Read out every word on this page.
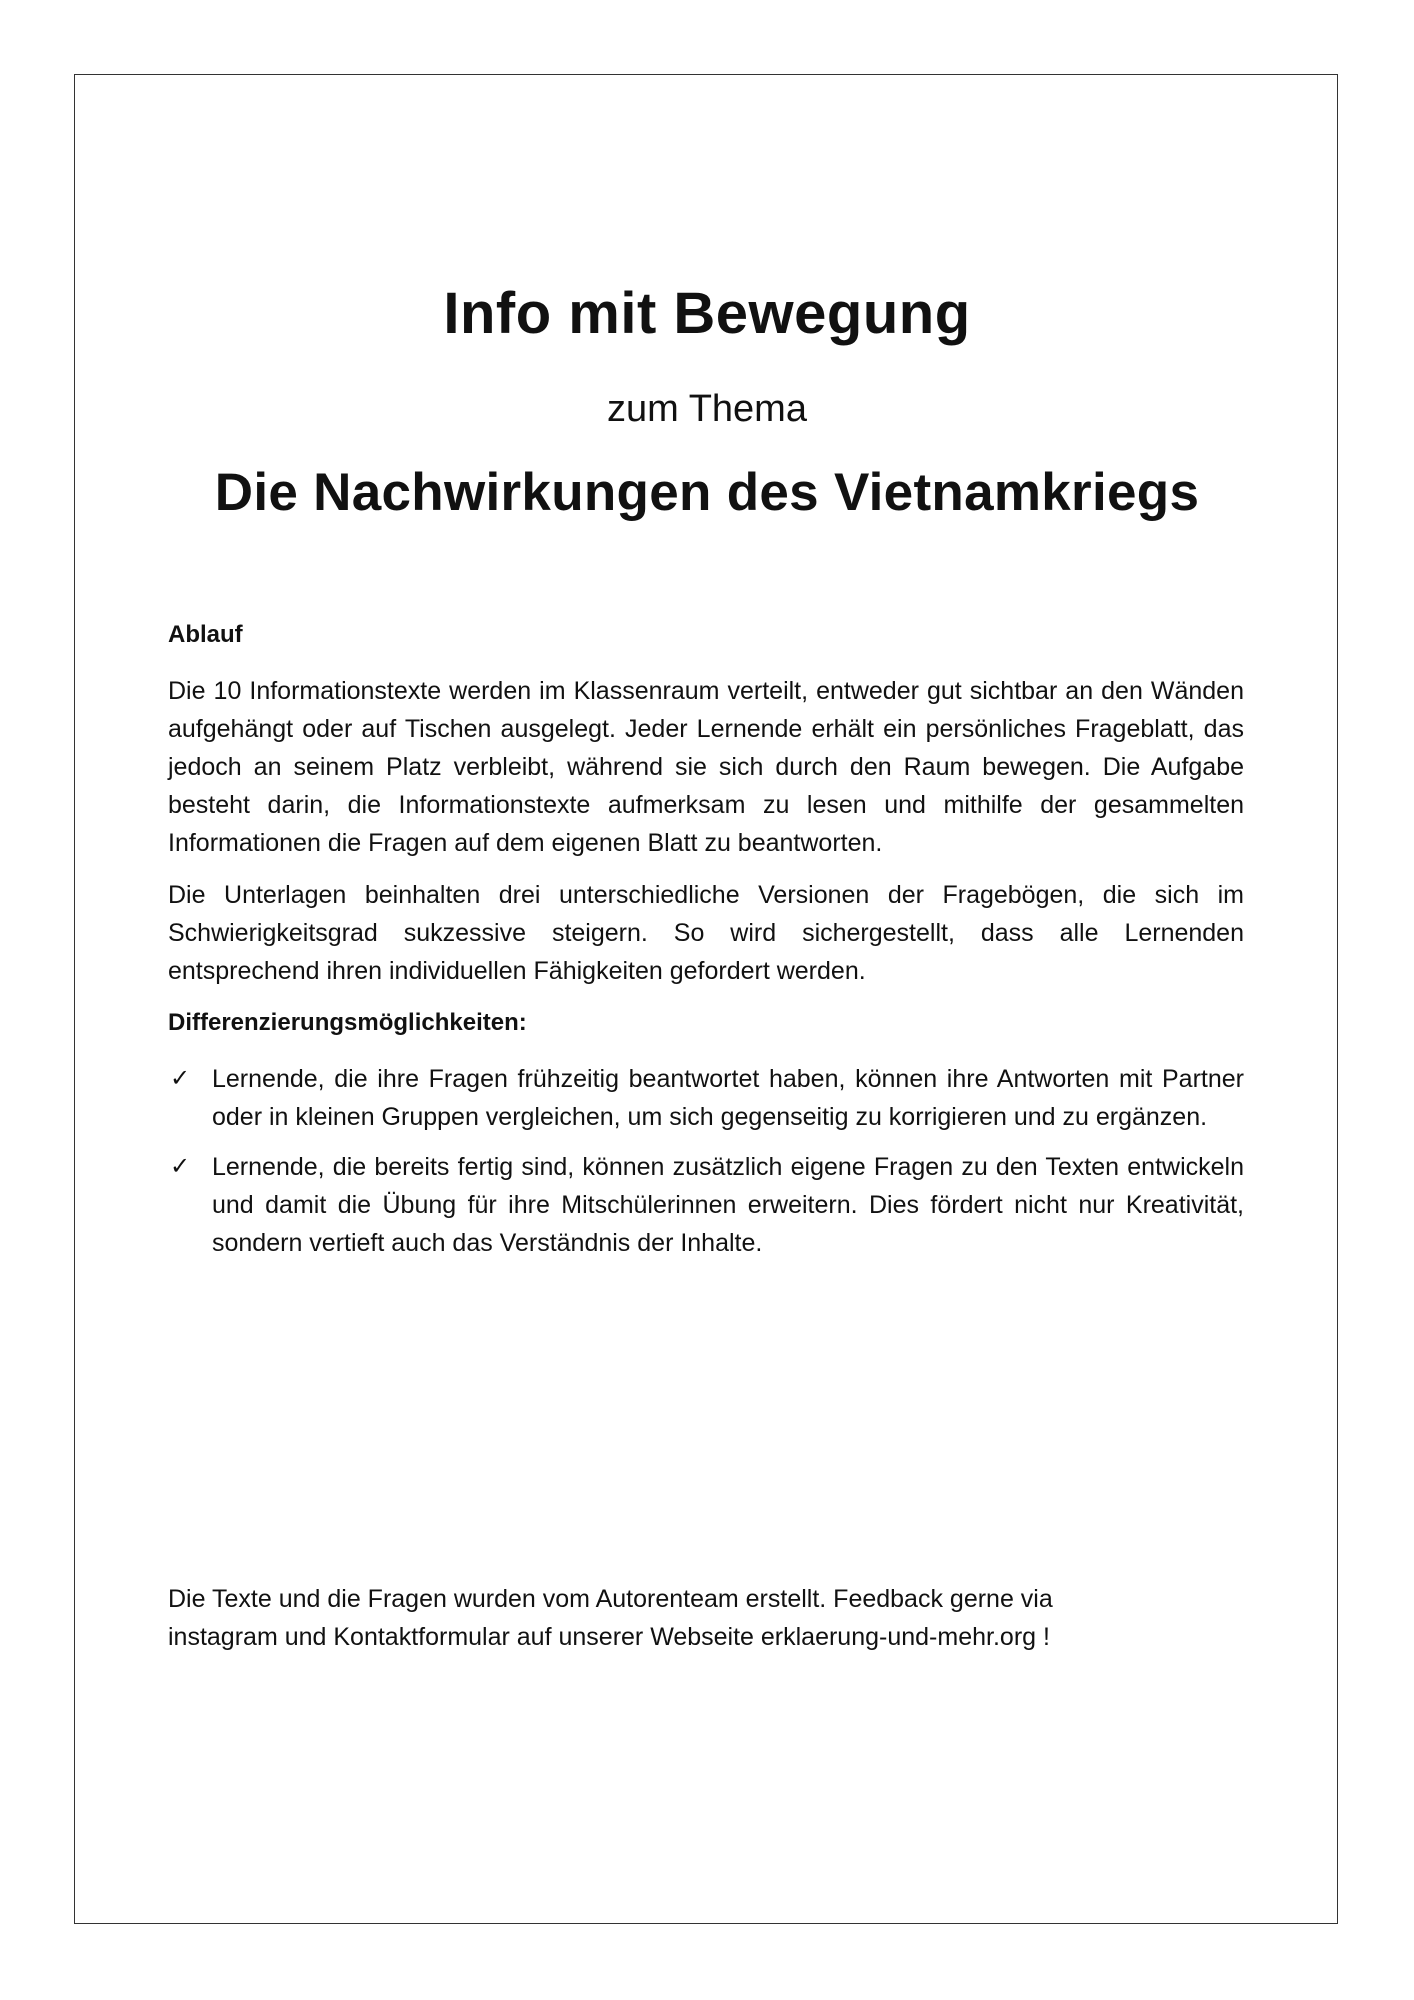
Info mit Bewegung
zum Thema
Die Nachwirkungen des Vietnamkriegs
Ablauf

Die 10 Informationstexte werden im Klassenraum verteilt, entweder gut sichtbar an den Wänden aufgehängt oder auf Tischen ausgelegt. Jeder Lernende erhält ein persönliches Frageblatt, das jedoch an seinem Platz verbleibt, während sie sich durch den Raum bewegen. Die Aufgabe besteht darin, die Informationstexte aufmerksam zu lesen und mithilfe der gesammelten Informationen die Fragen auf dem eigenen Blatt zu beantworten.

Die Unterlagen beinhalten drei unterschiedliche Versionen der Fragebögen, die sich im Schwierigkeitsgrad sukzessive steigern. So wird sichergestellt, dass alle Lernenden entsprechend ihren individuellen Fähigkeiten gefordert werden.

Differenzierungsmöglichkeiten:
✓ Lernende, die ihre Fragen frühzeitig beantwortet haben, können ihre Antworten mit Partner oder in kleinen Gruppen vergleichen, um sich gegenseitig zu korrigieren und zu ergänzen.
✓ Lernende, die bereits fertig sind, können zusätzlich eigene Fragen zu den Texten entwickeln und damit die Übung für ihre Mitschülerinnen erweitern. Dies fördert nicht nur Kreativität, sondern vertieft auch das Verständnis der Inhalte.

Die Texte und die Fragen wurden vom Autorenteam erstellt. Feedback gerne via
instagram und Kontaktformular auf unserer Webseite erklaerung-und-mehr.org !
